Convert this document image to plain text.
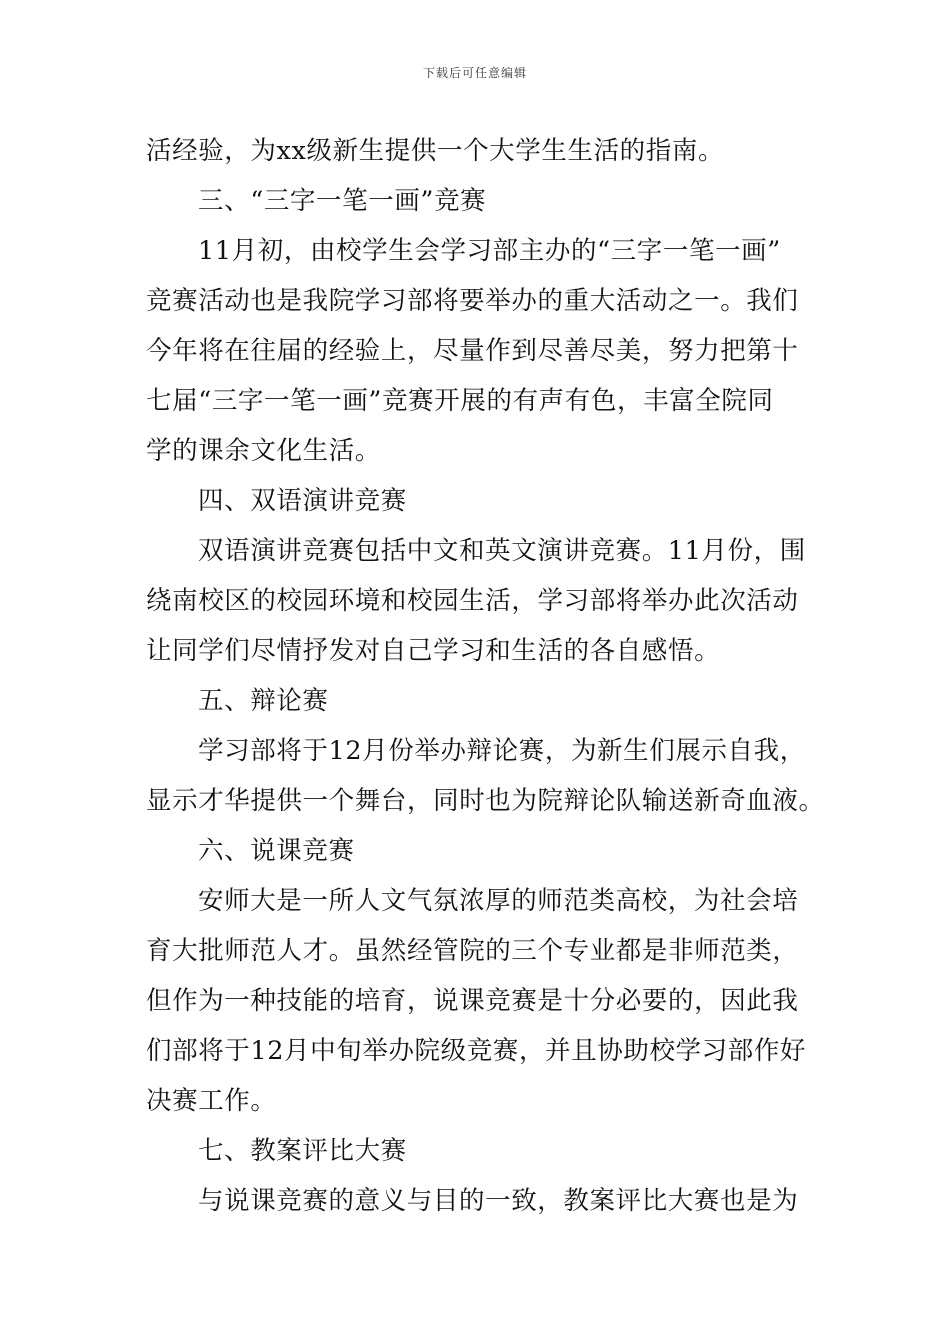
下载后可任意编辑
活经验，为xx级新生提供一个大学生生活的指南。
三、“三字一笔一画”竞赛
11月初，由校学生会学习部主办的“三字一笔一画”
竞赛活动也是我院学习部将要举办的重大活动之一。我们
今年将在往届的经验上，尽量作到尽善尽美，努力把第十
七届“三字一笔一画”竞赛开展的有声有色，丰富全院同
学的课余文化生活。
四、双语演讲竞赛
双语演讲竞赛包括中文和英文演讲竞赛。11月份，围
绕南校区的校园环境和校园生活，学习部将举办此次活动
让同学们尽情抒发对自己学习和生活的各自感悟。
五、辩论赛
学习部将于12月份举办辩论赛，为新生们展示自我，
显示才华提供一个舞台，同时也为院辩论队输送新奇血液。
六、说课竞赛
安师大是一所人文气氛浓厚的师范类高校，为社会培
育大批师范人才。虽然经管院的三个专业都是非师范类，
但作为一种技能的培育，说课竞赛是十分必要的，因此我
们部将于12月中旬举办院级竞赛，并且协助校学习部作好
决赛工作。
七、教案评比大赛
与说课竞赛的意义与目的一致，教案评比大赛也是为
